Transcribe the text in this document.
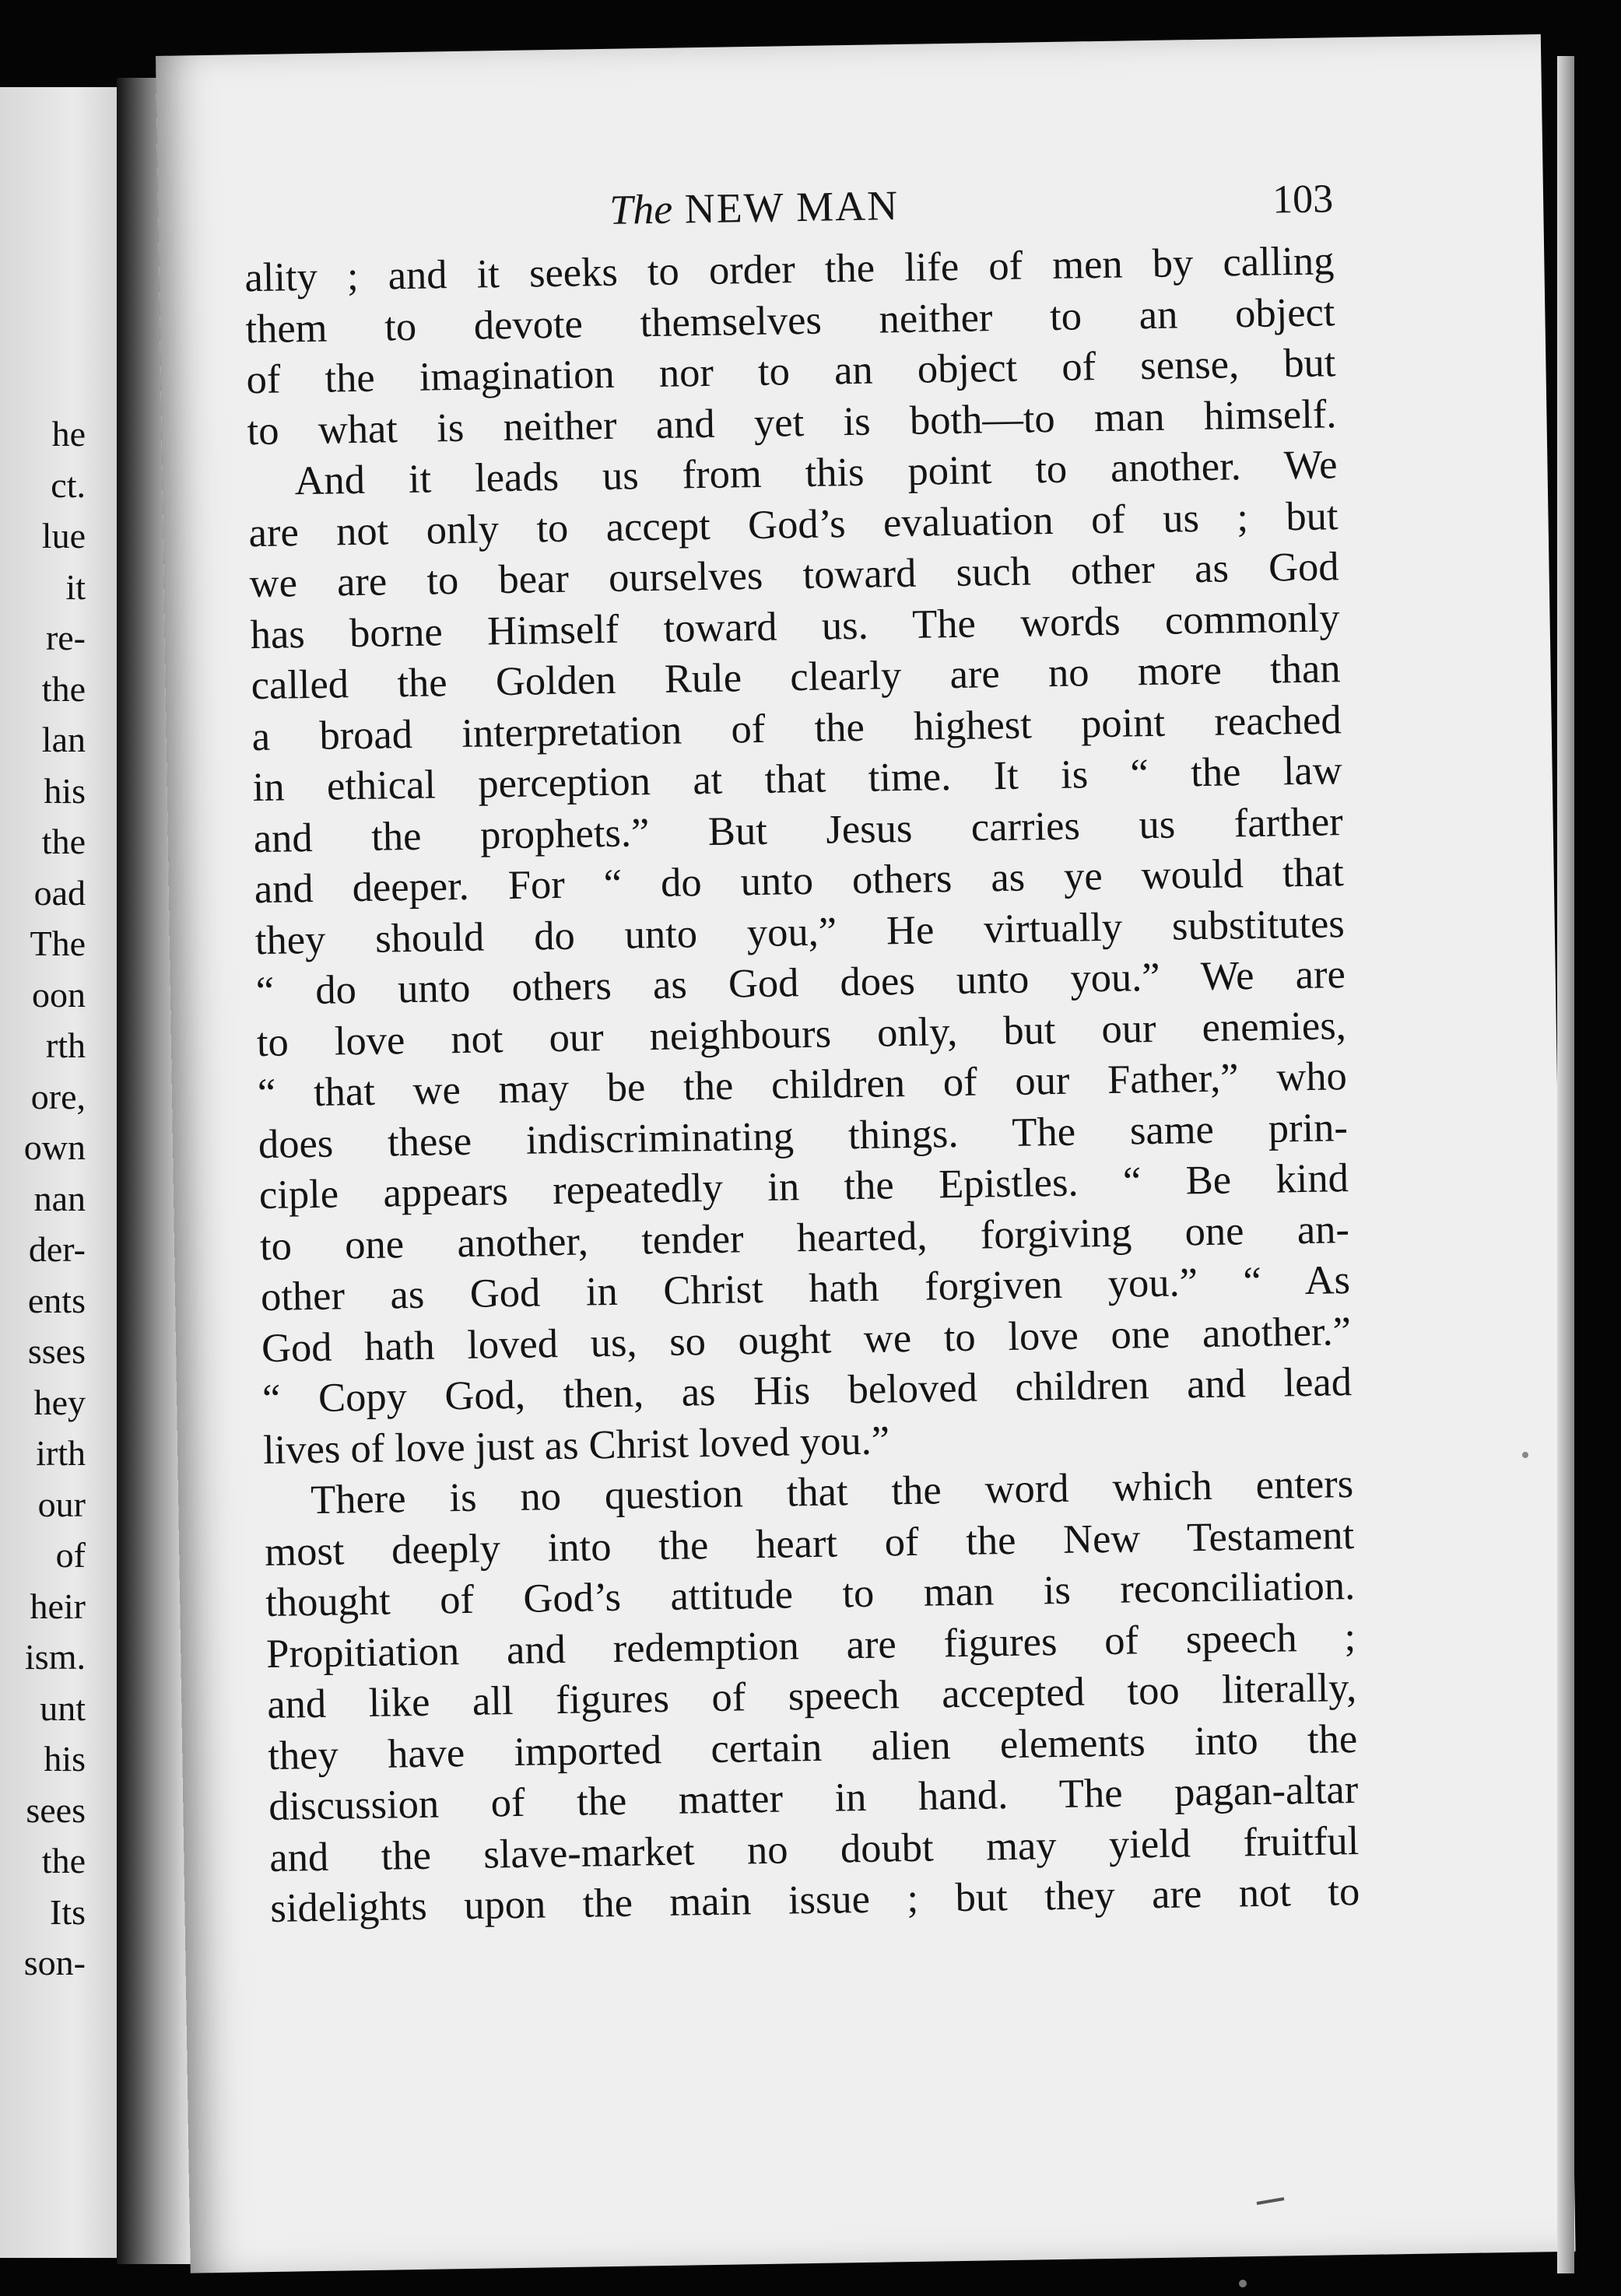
he
ct.
lue
it
re-
the
lan
his
the
oad
The
oon
rth
ore,
own
nan
der-
ents
sses
hey
irth
our
of
heir
ism.
unt
his
sees
the
Its
son-
The NEW MAN	103
ality ; and it seeks to order the life of men by calling
them to devote themselves neither to an object
of the imagination nor to an object of sense, but
to what is neither and yet is both—to man himself.
And it leads us from this point to another. We
are not only to accept God’s evaluation of us ; but
we are to bear ourselves toward such other as God
has borne Himself toward us. The words commonly
called the Golden Rule clearly are no more than
a broad interpretation of the highest point reached
in ethical perception at that time. It is “ the law
and the prophets.” But Jesus carries us farther
and deeper. For “ do unto others as ye would that
they should do unto you,” He virtually substitutes
“ do unto others as God does unto you.” We are
to love not our neighbours only, but our enemies,
“ that we may be the children of our Father,” who
does these indiscriminating things. The same prin-
ciple appears repeatedly in the Epistles. “ Be kind
to one another, tender hearted, forgiving one an-
other as God in Christ hath forgiven you.” “ As
God hath loved us, so ought we to love one another.”
“ Copy God, then, as His beloved children and lead
lives of love just as Christ loved you.”
There is no question that the word which enters
most deeply into the heart of the New Testament
thought of God’s attitude to man is reconciliation.
Propitiation and redemption are figures of speech ;
and like all figures of speech accepted too literally,
they have imported certain alien elements into the
discussion of the matter in hand. The pagan-altar
and the slave-market no doubt may yield fruitful
sidelights upon the main issue ; but they are not to
